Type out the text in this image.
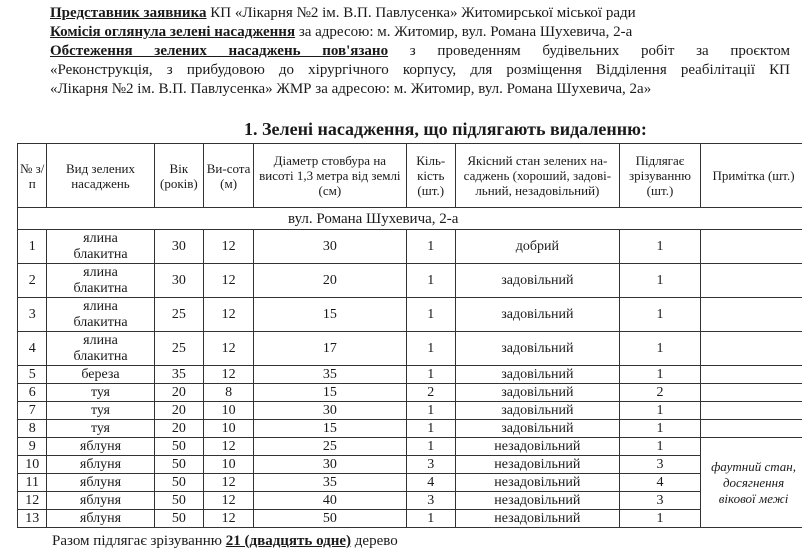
Представник заявника КП «Лікарня №2 ім. В.П. Павлусенка» Житомирської міської ради

Комісія оглянула зелені насадження за адресою: м. Житомир, вул. Романа Шухевича, 2-а

Обстеження зелених насаджень пов'язано з проведенням будівельних робіт за проєктом

«Реконструкція, з прибудовою до хірургічного корпусу, для розміщення Відділення реабілітації КП

«Лікарня №2 ім. В.П. Павлусенка» ЖМР за адресою: м. Житомир, вул. Романа Шухевича, 2а»

1. Зелені насадження, що підлягають видаленню:
№ з/п	Вид зелених насаджень	Вік (років)	Ви-сота (м)	Діаметр стовбура на висоті 1,3 метра від землі (см)	Кіль-кість (шт.)	Якісний стан зелених на-саджень (хороший, задові-льний, незадовільний)	Підлягає зрізуванню (шт.)	Примітка (шт.)
вул. Романа Шухевича, 2-а								
1	ялина блакитна	30	12	30	1	добрий	1	
2	ялина блакитна	30	12	20	1	задовільний	1	
3	ялина блакитна	25	12	15	1	задовільний	1	
4	ялина блакитна	25	12	17	1	задовільний	1	
5	береза	35	12	35	1	задовільний	1	
6	туя	20	8	15	2	задовільний	2	
7	туя	20	10	30	1	задовільний	1	
8	туя	20	10	15	1	задовільний	1	
9	яблуня	50	12	25	1	незадовільний	1	фаутний стан, досягнення вікової межі
10	яблуня	50	10	30	3	незадовільний	3	
11	яблуня	50	12	35	4	незадовільний	4	
12	яблуня	50	12	40	3	незадовільний	3	
13	яблуня	50	12	50	1	незадовільний	1	
Разом підлягає зрізуванню 21 (двадцять одне) дерево
